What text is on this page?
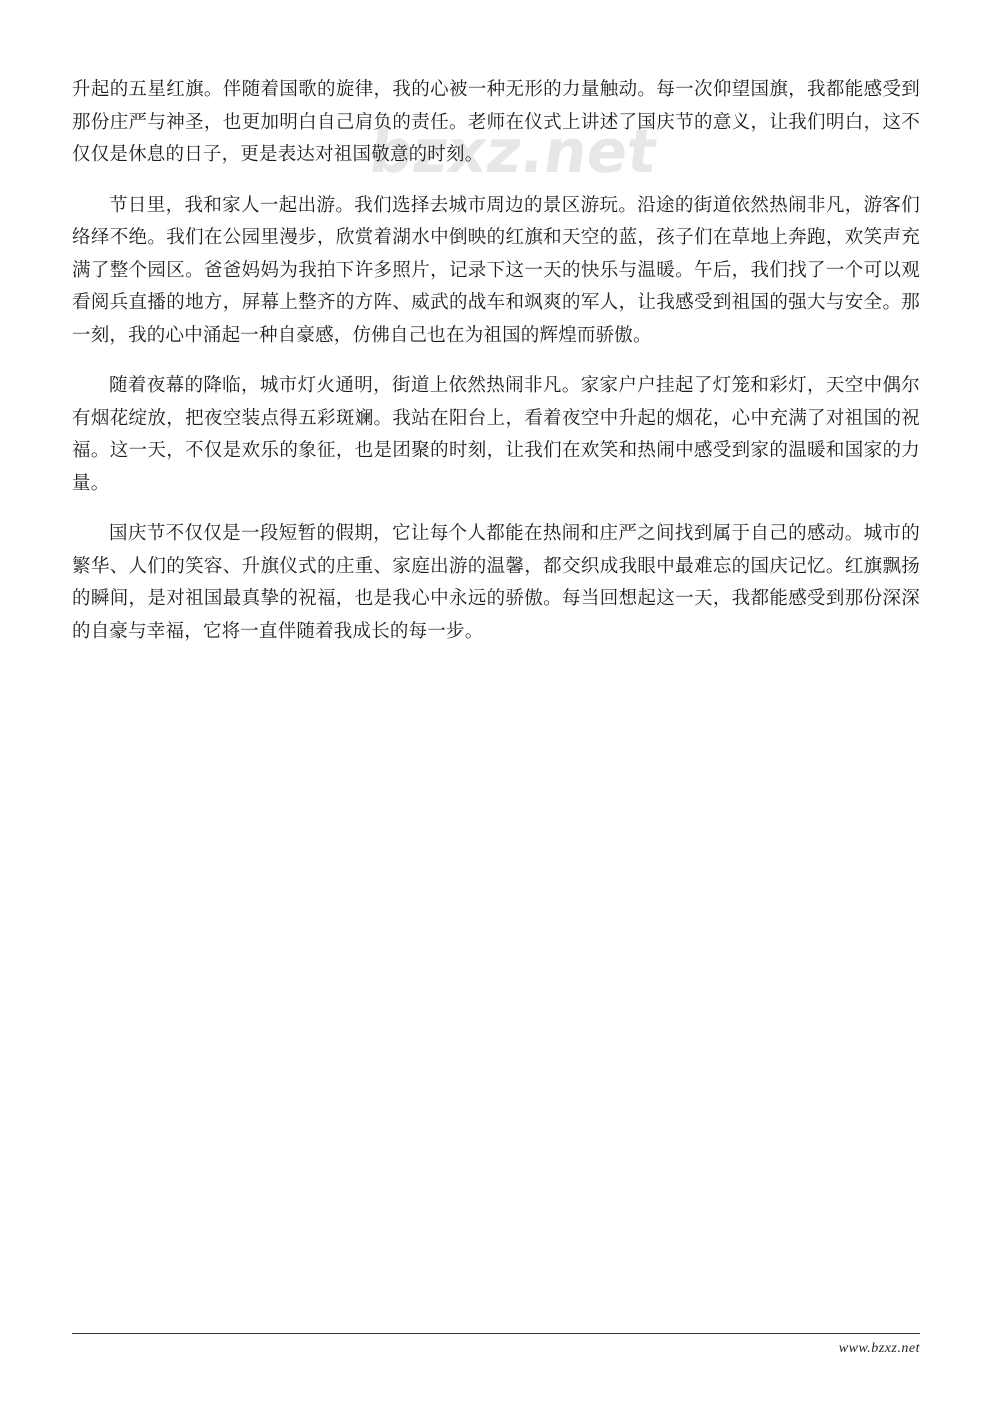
bzxz.net

升起的五星红旗。伴随着国歌的旋律，我的心被一种无形的力量触动。每一次仰望国旗，我都能感受到那份庄严与神圣，也更加明白自己肩负的责任。老师在仪式上讲述了国庆节的意义，让我们明白，这不仅仅是休息的日子，更是表达对祖国敬意的时刻。

节日里，我和家人一起出游。我们选择去城市周边的景区游玩。沿途的街道依然热闹非凡，游客们络绎不绝。我们在公园里漫步，欣赏着湖水中倒映的红旗和天空的蓝，孩子们在草地上奔跑，欢笑声充满了整个园区。爸爸妈妈为我拍下许多照片，记录下这一天的快乐与温暖。午后，我们找了一个可以观看阅兵直播的地方，屏幕上整齐的方阵、威武的战车和飒爽的军人，让我感受到祖国的强大与安全。那一刻，我的心中涌起一种自豪感，仿佛自己也在为祖国的辉煌而骄傲。

随着夜幕的降临，城市灯火通明，街道上依然热闹非凡。家家户户挂起了灯笼和彩灯，天空中偶尔有烟花绽放，把夜空装点得五彩斑斓。我站在阳台上，看着夜空中升起的烟花，心中充满了对祖国的祝福。这一天，不仅是欢乐的象征，也是团聚的时刻，让我们在欢笑和热闹中感受到家的温暖和国家的力量。

国庆节不仅仅是一段短暂的假期，它让每个人都能在热闹和庄严之间找到属于自己的感动。城市的繁华、人们的笑容、升旗仪式的庄重、家庭出游的温馨，都交织成我眼中最难忘的国庆记忆。红旗飘扬的瞬间，是对祖国最真挚的祝福，也是我心中永远的骄傲。每当回想起这一天，我都能感受到那份深深的自豪与幸福，它将一直伴随着我成长的每一步。

www.bzxz.net
